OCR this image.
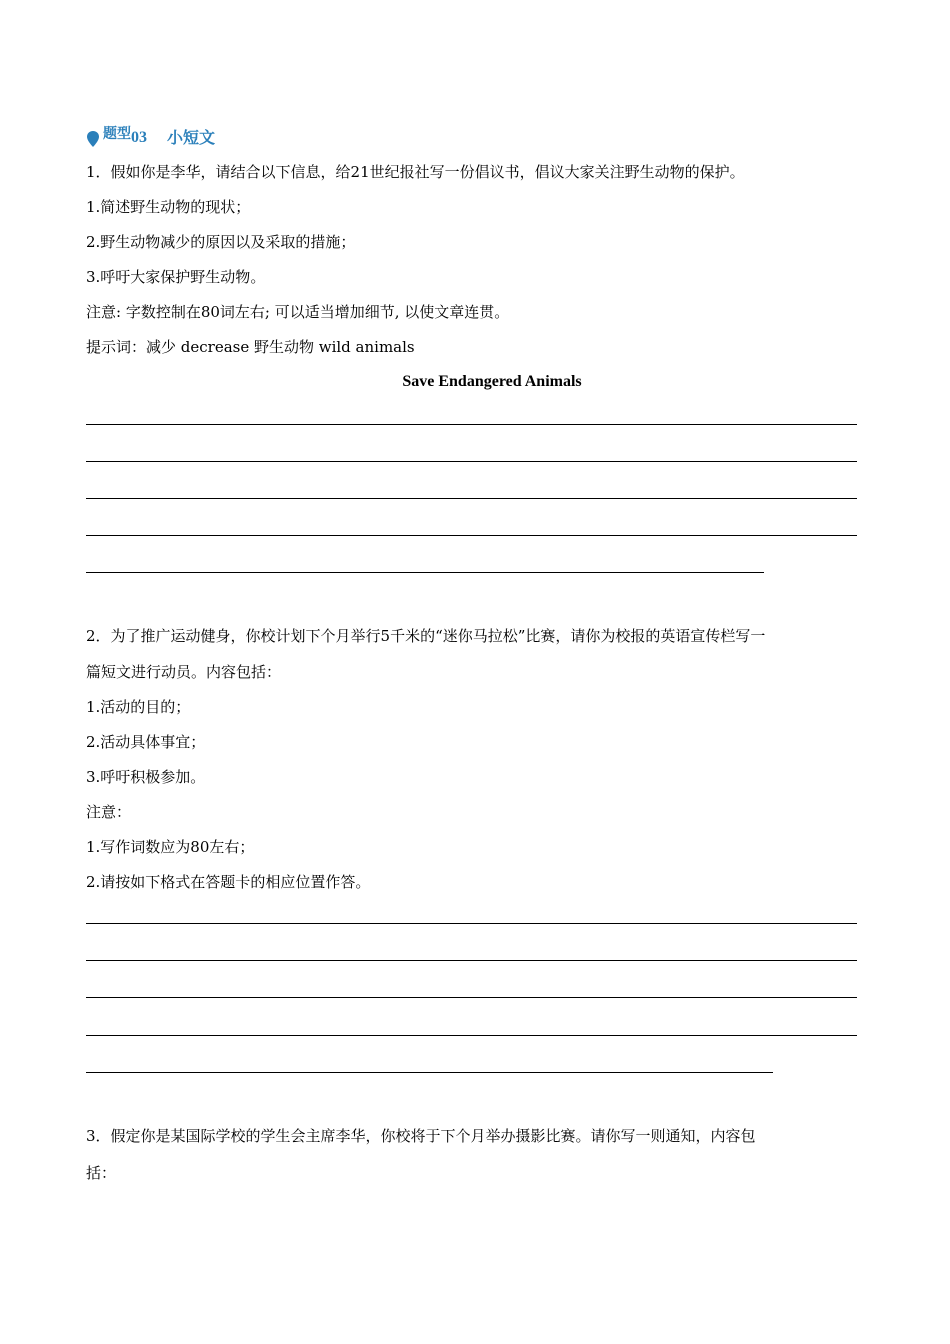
题型 03 小短文
1．假如你是李华，请结合以下信息，给21世纪报社写一份倡议书，倡议大家关注野生动物的保护。
1.简述野生动物的现状；
2.野生动物减少的原因以及采取的措施；
3.呼吁大家保护野生动物。
注意: 字数控制在80词左右; 可以适当增加细节, 以使文章连贯。
提示词：减少 decrease 野生动物 wild animals
Save Endangered Animals
2．为了推广运动健身，你校计划下个月举行5千米的“迷你马拉松”比赛，请你为校报的英语宣传栏写一
篇短文进行动员。内容包括：
1.活动的目的；
2.活动具体事宜；
3.呼吁积极参加。
注意：
1.写作词数应为80左右；
2.请按如下格式在答题卡的相应位置作答。
3．假定你是某国际学校的学生会主席李华，你校将于下个月举办摄影比赛。请你写一则通知，内容包
括：
